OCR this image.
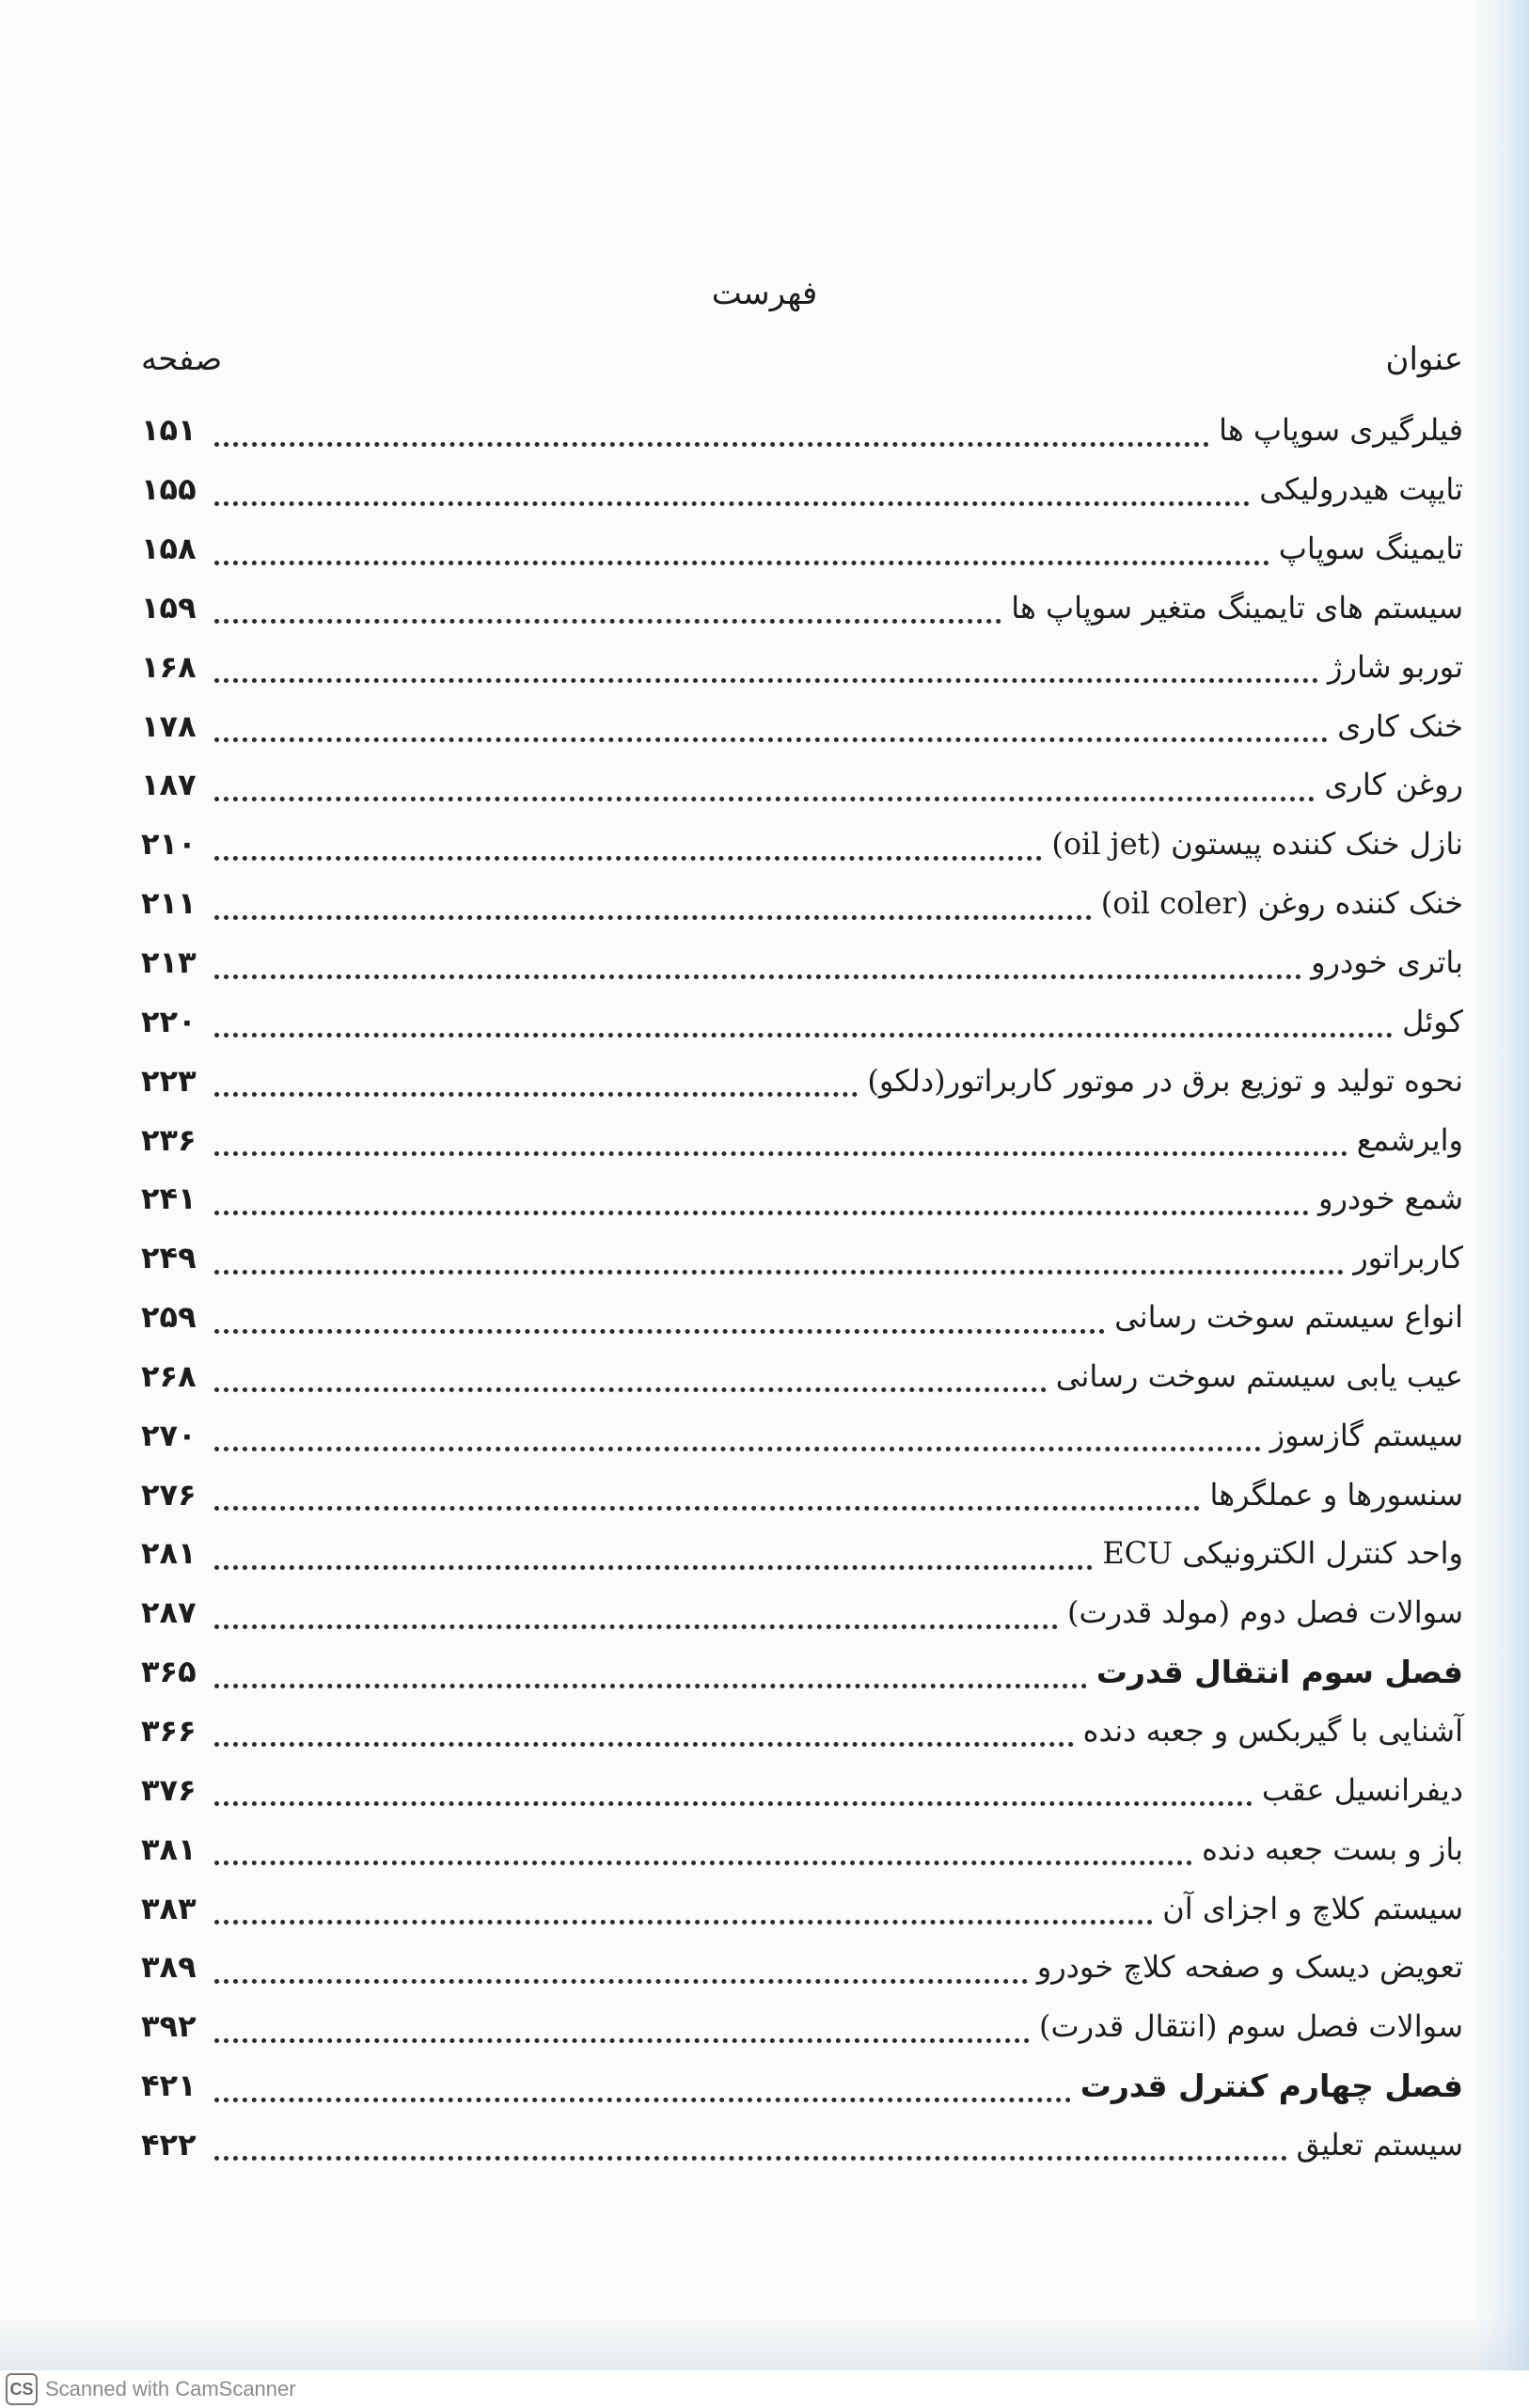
فهرست
عنوان
صفحه
فیلرگیری سوپاپ ها
۱۵۱
تایپت هیدرولیکی
۱۵۵
تایمینگ سوپاپ
۱۵۸
سیستم های تایمینگ متغیر سوپاپ ها
۱۵۹
توربو شارژ
۱۶۸
خنک کاری
۱۷۸
روغن کاری
۱۸۷
نازل خنک کننده پیستون (oil jet)
۲۱۰
خنک کننده روغن (oil coler)
۲۱۱
باتری خودرو
۲۱۳
کوئل
۲۲۰
نحوه تولید و توزیع برق در موتور کاربراتور(دلکو)
۲۲۳
وایرشمع
۲۳۶
شمع خودرو
۲۴۱
کاربراتور
۲۴۹
انواع سیستم سوخت رسانی
۲۵۹
عیب یابی سیستم سوخت رسانی
۲۶۸
سیستم گازسوز
۲۷۰
سنسورها و عملگرها
۲۷۶
واحد کنترل الکترونیکی ECU
۲۸۱
سوالات فصل دوم (مولد قدرت)
۲۸۷
فصل سوم انتقال قدرت
۳۶۵
آشنایی با گیربکس و جعبه دنده
۳۶۶
دیفرانسیل عقب
۳۷۶
باز و بست جعبه دنده
۳۸۱
سیستم کلاچ و اجزای آن
۳۸۳
تعویض دیسک و صفحه کلاچ خودرو
۳۸۹
سوالات فصل سوم (انتقال قدرت)
۳۹۲
فصل چهارم کنترل قدرت
۴۲۱
سیستم تعلیق
۴۲۲
CS Scanned with CamScanner
